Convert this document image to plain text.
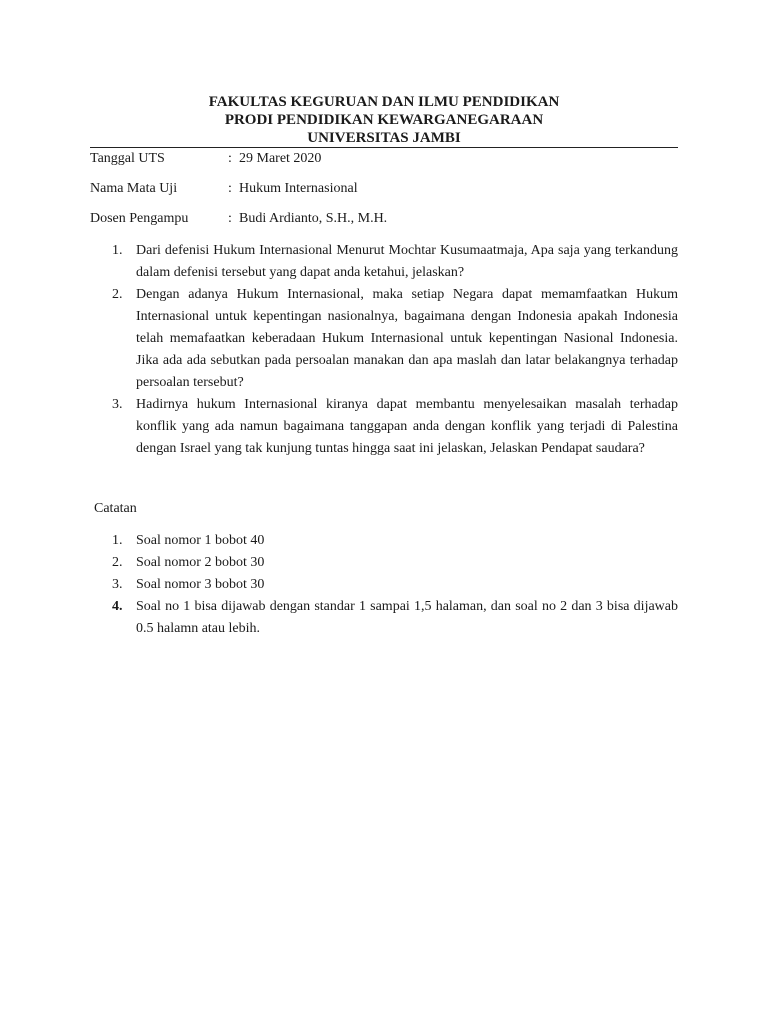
FAKULTAS KEGURUAN DAN ILMU PENDIDIKAN
PRODI PENDIDIKAN KEWARGANEGARAAN
UNIVERSITAS JAMBI
Tanggal UTS	: 29 Maret 2020
Nama Mata Uji	: Hukum Internasional
Dosen Pengampu	: Budi Ardianto, S.H., M.H.
1. Dari defenisi Hukum Internasional Menurut Mochtar Kusumaatmaja, Apa saja yang terkandung dalam defenisi tersebut yang dapat anda ketahui, jelaskan?
2. Dengan adanya Hukum Internasional, maka setiap Negara dapat memamfaatkan Hukum Internasional untuk kepentingan nasionalnya, bagaimana dengan Indonesia apakah Indonesia telah memafaatkan keberadaan Hukum Internasional untuk kepentingan Nasional Indonesia. Jika ada ada sebutkan pada persoalan manakan dan apa maslah dan latar belakangnya terhadap persoalan tersebut?
3. Hadirnya hukum Internasional kiranya dapat membantu menyelesaikan masalah terhadap konflik yang ada namun bagaimana tanggapan anda dengan konflik yang terjadi di Palestina dengan Israel yang tak kunjung tuntas hingga saat ini jelaskan, Jelaskan Pendapat saudara?
Catatan
1. Soal nomor 1 bobot 40
2. Soal nomor 2 bobot 30
3. Soal nomor 3 bobot 30
4. Soal no 1 bisa dijawab dengan standar 1 sampai 1,5 halaman, dan soal no 2 dan 3 bisa dijawab 0.5 halamn atau lebih.
